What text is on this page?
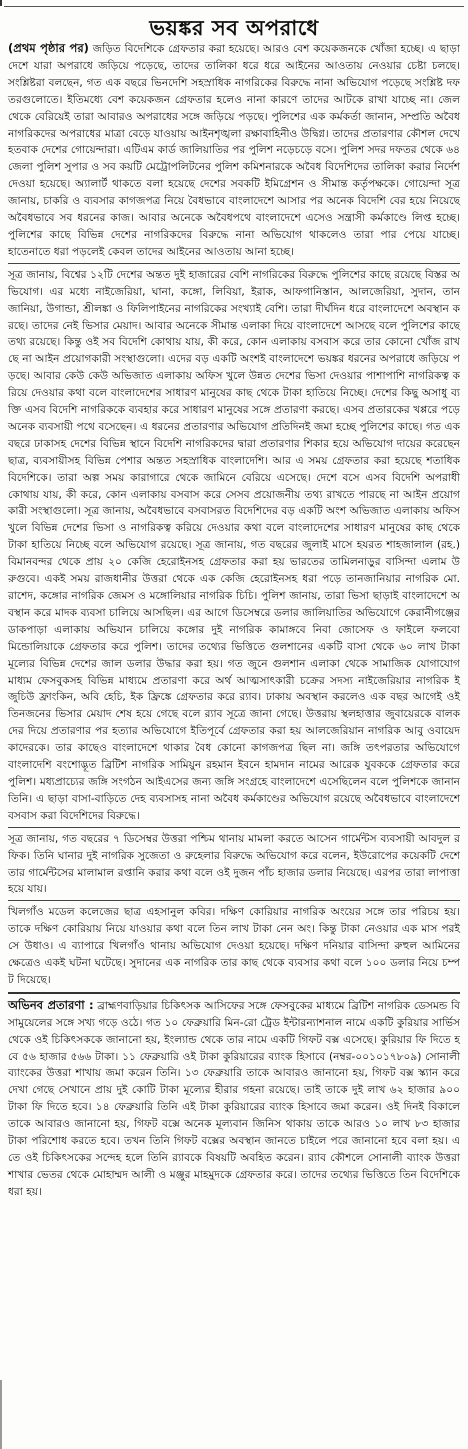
ভয়ঙ্কর সব অপরাধে

(প্রথম পৃষ্ঠার পর) জড়িত বিদেশিকে গ্রেফতার করা হয়েছে। আরও বেশ কয়েকজনকে খোঁজা হচ্ছে। এ ছাড়া দেশে যারা অপরাধে জড়িয়ে পড়েছে, তাদের তালিকা ধরে ধরে আইনের আওতায় নেওয়ার চেষ্টা চলছে। সংশ্লিষ্টরা বলছেন, গত এক বছরে ভিনদেশি সহস্রাধিক নাগরিকের বিরুদ্ধে নানা অভিযোগ পড়েছে সংশ্লিষ্ট দফতরগুলোতে। ইতিমধ্যে বেশ কয়েকজন গ্রেফতার হলেও নানা কারণে তাদের আটকে রাখা যাচ্ছে না। জেল থেকে বেরিয়েই তারা আবারও অপরাধের সঙ্গে জড়িয়ে পড়ছে। পুলিশের এক কর্মকর্তা জানান, সম্প্রতি অবৈধ নাগরিকদের অপরাধের মাত্রা বেড়ে যাওয়ায় আইনশৃঙ্খলা রক্ষাবাহিনীও উদ্বিগ্ন। তাদের প্রতারণার কৌশল দেখে হতবাক দেশের গোয়েন্দারা। এটিএম কার্ড জালিয়াতির পর পুলিশ নড়েচড়ে বসে। পুলিশ সদর দফতর থেকে ৬৪ জেলা পুলিশ সুপার ও সব কয়টি মেট্রোপলিটনের পুলিশ কমিশনারকে অবৈধ বিদেশিদের তালিকা করার নির্দেশ দেওয়া হয়েছে। অ্যালার্ট থাকতে বলা হয়েছে দেশের সবকটি ইমিগ্রেশন ও সীমান্ত কর্তৃপক্ষকে। গোয়েন্দা সূত্র জানায়, চাকরি ও ব্যবসার কাগজপত্র নিয়ে বৈধভাবে বাংলাদেশে আসার পর অনেক বিদেশি বের হয়ে নিয়েছে অবৈধভাবে সব ধরনের কাজ। আবার অনেকে অবৈধপথে বাংলাদেশে এসেও সন্ত্রাসী কর্মকাণ্ডে লিপ্ত হচ্ছে। পুলিশের কাছে বিভিন্ন দেশের নাগরিকদের বিরুদ্ধে নানা অভিযোগ থাকলেও তারা পার পেয়ে যাচ্ছে। হাতেনাতে ধরা পড়লেই কেবল তাদের আইনের আওতায় আনা হচ্ছে।

সূত্র জানায়, বিশ্বের ১২টি দেশের অন্তত দুই হাজারের বেশি নাগরিকের বিরুদ্ধে পুলিশের কাছে রয়েছে বিস্তর অভিযোগ। এর মধ্যে নাইজেরিয়া, ঘানা, কঙ্গো, লিবিয়া, ইরাক, আফগানিস্তান, আলজেরিয়া, সুদান, তানজানিয়া, উগান্ডা, শ্রীলঙ্কা ও ফিলিপাইনের নাগরিকের সংখ্যাই বেশি। তারা দীর্ঘদিন ধরে বাংলাদেশে অবস্থান করছে। তাদের নেই ভিসার মেয়াদ। আবার অনেকে সীমান্ত এলাকা দিয়ে বাংলাদেশে আসছে বলে পুলিশের কাছে তথ্য রয়েছে। কিন্তু ওই সব বিদেশি কোথায় যায়, কী করে, কোন এলাকায় বসবাস করে তার কোনো খোঁজ রাখছে না আইন প্রয়োগকারী সংস্থাগুলো। এদের বড় একটি অংশই বাংলাদেশে ভয়ঙ্কর ধরনের অপরাধে জড়িয়ে পড়ছে। আবার কেউ কেউ অভিজাত এলাকায় অফিস খুলে উন্নত দেশের ভিসা দেওয়ার পাশাপাশি নাগরিকত্ব করিয়ে দেওয়ার কথা বলে বাংলাদেশের সাধারণ মানুষের কাছ থেকে টাকা হাতিয়ে নিচ্ছে। দেশের কিছু অসাধু ব্যক্তি এসব বিদেশি নাগরিককে ব্যবহার করে সাধারণ মানুষের সঙ্গে প্রতারণা করছে। এসব প্রতারকের খপ্পরে পড়ে অনেক ব্যবসায়ী পথে বসেছেন। এ ধরনের প্রতারণার অভিযোগ প্রতিদিনই জমা হচ্ছে পুলিশের কাছে। গত এক বছরে ঢাকাসহ দেশের বিভিন্ন স্থানে বিদেশি নাগরিকদের দ্বারা প্রতারণার শিকার হয়ে অভিযোগ দায়ের করেছেন ছাত্র, ব্যবসায়ীসহ বিভিন্ন পেশার অন্তত সহস্রাধিক বাংলাদেশি। আর এ সময় গ্রেফতার করা হয়েছে শতাধিক বিদেশিকে। তারা অল্প সময় কারাগারে থেকে জামিনে বেরিয়ে এসেছে। দেশে বসে এসব বিদেশি অপরাধী কোথায় যায়, কী করে, কোন এলাকায় বসবাস করে সেসব প্রয়োজনীয় তথ্য রাখতে পারছে না আইন প্রয়োগকারী সংস্থাগুলো। সূত্র জানায়, অবৈধভাবে বসবাসরত বিদেশিদের বড় একটি অংশ অভিজাত এলাকায় অফিস খুলে বিভিন্ন দেশের ভিসা ও নাগরিকত্ব করিয়ে দেওয়ার কথা বলে বাংলাদেশের সাধারণ মানুষের কাছ থেকে টাকা হাতিয়ে নিচ্ছে বলে অভিযোগ রয়েছে। সূত্র জানায়, গত বছরের জুলাই মাসে হযরত শাহজালাল (রহ.) বিমানবন্দর থেকে প্রায় ২০ কেজি হেরোইনসহ গ্রেফতার করা হয় ভারতের তামিলনাড়ুর বাসিন্দা এলাম উরুগুবে। একই সময় রাজধানীর উত্তরা থেকে এক কেজি হেরোইনসহ ধরা পড়ে তানজানিয়ার নাগরিক মো. রাশেদ, কঙ্গোর নাগরিক জেমস ও মঙ্গোলিয়ার নাগরিক চিচি। পুলিশ জানায়, তারা ভিসা ছাড়াই বাংলাদেশে অবস্থান করে মাদক ব্যবসা চালিয়ে আসছিল। এর আগে ডিসেম্বরে ডলার জালিয়াতির অভিযোগে কেরানীগঞ্জের ডাকপাড়া এলাকায় অভিযান চালিয়ে কঙ্গোর দুই নাগরিক কামাঙ্গবে নিবা জোসেফ ও ফাইলে ফলবো মিন্ডোলিয়াকে গ্রেফতার করে পুলিশ। তাদের তথ্যের ভিত্তিতে গুলশানের একটি বাসা থেকে ৬০ লাখ টাকা মূল্যের বিভিন্ন দেশের জাল ডলার উদ্ধার করা হয়। গত জুনে গুলশান এলাকা থেকে সামাজিক যোগাযোগ মাধ্যম ফেসবুকসহ বিভিন্ন মাধ্যমে প্রতারণা করে অর্থ আত্মসাৎকারী চক্রের সদস্য নাইজেরিয়ার নাগরিক ইজুচিউ ফ্রাংকিন, অবি হেচি, ইক ফ্রিঙ্কে গ্রেফতার করে র‌্যাব। ঢাকায় অবস্থান করলেও এক বছর আগেই ওই তিনজনের ভিসার মেয়াদ শেষ হয়ে গেছে বলে র‌্যাব সূত্রে জানা গেছে। উত্তরায় স্থলহাত্তার জুবায়েরকে বালকদের দিয়ে প্রতারণার পর হত্যার অভিযোগে ইতিপূর্বে গ্রেফতার করা হয় আলজেরিয়ান নাগরিক আবু ওবায়েদ কাদেরকে। তার কাছেও বাংলাদেশে থাকার বৈধ কোনো কাগজপত্র ছিল না। জঙ্গি তৎপরতার অভিযোগে বাংলাদেশি বংশোদ্ভূত ব্রিটিশ নাগরিক সামিয়ুন রহমান ইবনে হামদান নামের আরেক যুবককে গ্রেফতার করে পুলিশ। মধ্যপ্রাচ্যের জঙ্গি সংগঠন আইএসের জন্য জঙ্গি সংগ্রহে বাংলাদেশে এসেছিলেন বলে পুলিশকে জানান তিনি। এ ছাড়া বাসা-বাড়িতে দেহ ব্যবসাসহ নানা অবৈধ কর্মকাণ্ডের অভিযোগ রয়েছে অবৈধভাবে বাংলাদেশে বসবাস করা বিদেশিদের বিরুদ্ধে।

সূত্র জানায়, গত বছরের ৭ ডিসেম্বর উত্তরা পশ্চিম থানায় মামলা করতে আসেন গার্মেন্টস ব্যবসায়ী আবদুল রফিক। তিনি ঘানার দুই নাগরিক সুজেতা ও রুহেলার বিরুদ্ধে অভিযোগ করে বলেন, ইউরোপের কয়েকটি দেশে তার গার্মেন্টসের মালামাল রপ্তানি করার কথা বলে ওই দুজন পাঁচ হাজার ডলার নিয়েছে। এরপর তারা লাপাত্তা হয়ে যায়।

খিলগাঁও মডেল কলেজের ছাত্র এহসানুল কবির। দক্ষিণ কোরিয়ার নাগরিক অংয়ের সঙ্গে তার পরিচয় হয়। তাকে দক্ষিণ কোরিয়ায় নিয়ে যাওয়ার কথা বলে তিন লাখ টাকা নেন অং। কিন্তু টাকা নেওয়ার এক মাস পরই সে উধাও। এ ব্যাপারে খিলগাঁও থানায় অভিযোগ দেওয়া হয়েছে। দক্ষিণ দনিয়ার বাসিন্দা রুহুল আমিনের ক্ষেত্রেও একই ঘটনা ঘটেছে। সুদানের এক নাগরিক তার কাছ থেকে ব্যবসার কথা বলে ১০০ ডলার নিয়ে চম্পট দিয়েছে।

অভিনব প্রতারণা : ব্রাহ্মণবাড়িয়ার চিকিৎসক আসিফের সঙ্গে ফেসবুকের মাধ্যমে ব্রিটিশ নাগরিক ডেসমন্ড বি সামুয়েলের সঙ্গে সখ্য গড়ে ওঠে। গত ১০ ফেব্রুয়ারি মিন-রো ট্রেড ইন্টারন্যাশনাল নামে একটি কুরিয়ার সার্ভিস থেকে ওই চিকিৎসককে জানানো হয়, ইংল্যান্ড থেকে তার নামে একটি গিফট বক্স এসেছে। কুরিয়ার ফি দিতে হবে ৫৬ হাজার ৫৬৬ টাকা। ১১ ফেব্রুয়ারি ওই টাকা কুরিয়ারের ব্যাংক হিসাবে (নম্বর-০০১০১৭৮০৯) সোনালী ব্যাংকের উত্তরা শাখায় জমা করেন তিনি। ১৩ ফেব্রুয়ারি তাকে আবারও জানানো হয়, গিফট বক্স স্ক্যান করে দেখা গেছে সেখানে প্রায় দুই কোটি টাকা মূল্যের হীরার গহনা রয়েছে। তাই তাকে দুই লাখ ৬২ হাজার ৯০০ টাকা ফি দিতে হবে। ১৪ ফেব্রুয়ারি তিনি এই টাকা কুরিয়ারের ব্যাংক হিসাবে জমা করেন। ওই দিনই বিকালে তাকে আবারও জানানো হয়, গিফট বক্সে অনেক মূল্যবান জিনিস থাকায় তাকে আরও ১০ লাখ ৮৩ হাজার টাকা পরিশোধ করতে হবে। তখন তিনি গিফট বক্সের অবস্থান জানতে চাইলে পরে জানানো হবে বলা হয়। এতে ওই চিকিৎসকের সন্দেহ হলে তিনি র‌্যাবকে বিষয়টি অবহিত করেন। র‌্যাব কৌশলে সোনালী ব্যাংক উত্তরা শাখার ভেতর থেকে মোহাম্মদ আলী ও মঞ্জুর মাহমুদকে গ্রেফতার করে। তাদের তথ্যের ভিত্তিতে তিন বিদেশিকে ধরা হয়।
